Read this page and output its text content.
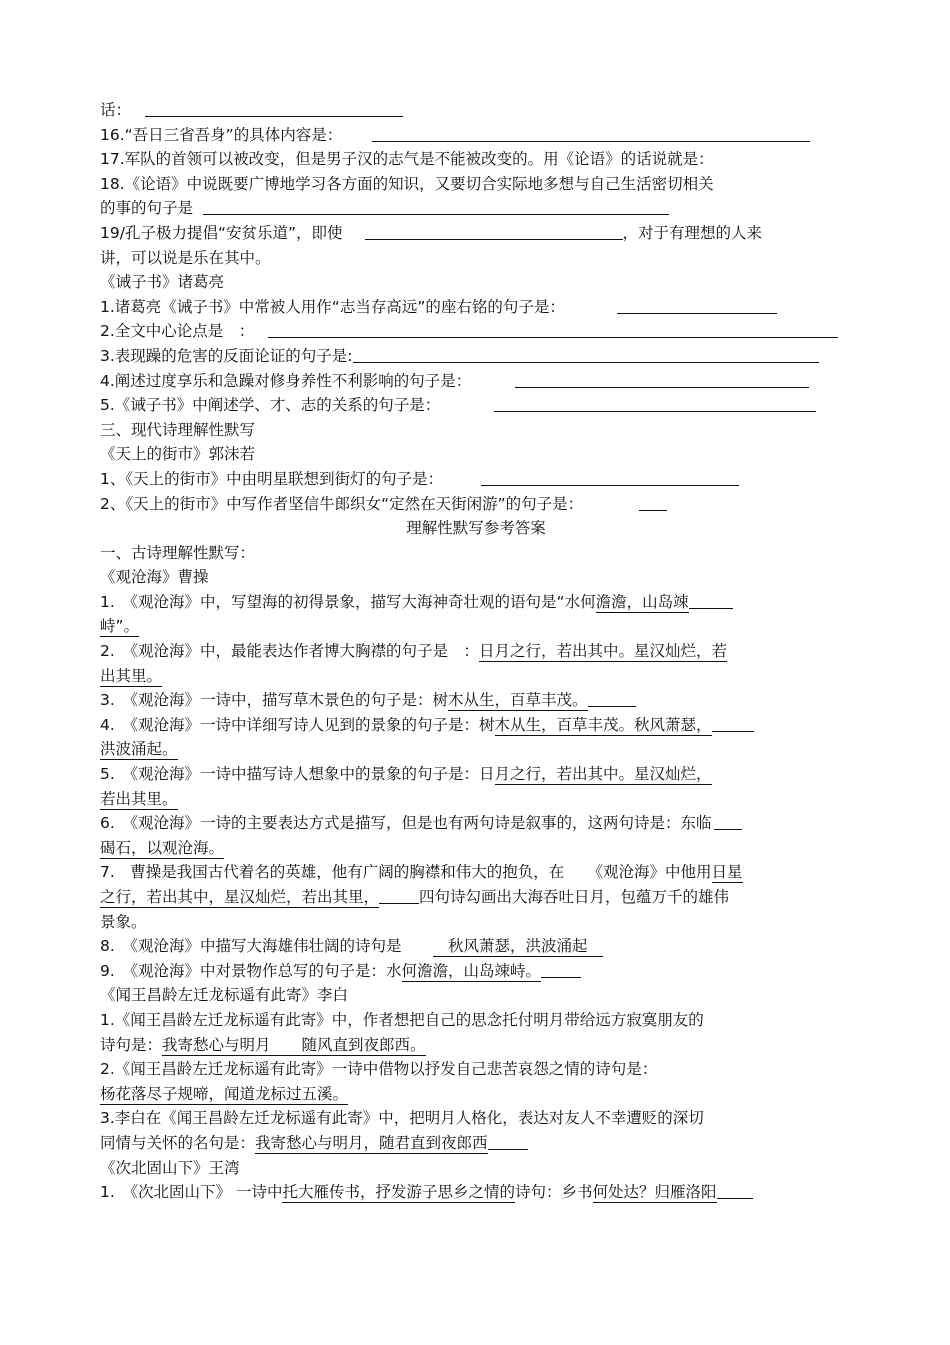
话：
16.“吾日三省吾身”的具体内容是：
17.军队的首领可以被改变，但是男子汉的志气是不能被改变的。用《论语》的话说就是：
18.《论语》中说既要广博地学习各方面的知识，又要切合实际地多想与自己生活密切相关
的事的句子是
19/孔子极力提倡“安贫乐道”，即使	，对于有理想的人来
讲，可以说是乐在其中。
《诫子书》诸葛亮
1.诸葛亮《诫子书》中常被人用作“志当存高远”的座右铭的句子是：
2.全文中心论点是　：
3.表现躁的危害的反面论证的句子是:
4.阐述过度享乐和急躁对修身养性不利影响的句子是：
5.《诫子书》中阐述学、才、志的关系的句子是：
三、现代诗理解性默写
《天上的街市》郭沫若
1、《天上的街市》中由明星联想到街灯的句子是：
2、《天上的街市》中写作者坚信牛郎织女“定然在天街闲游”的句子是：
理解性默写参考答案
一、古诗理解性默写：
《观沧海》曹操
1.　《观沧海》中，写望海的初得景象，描写大海神奇壮观的语句是“水何澹澹，山岛竦
峙”。
2.　《观沧海》中，最能表达作者博大胸襟的句子是　：日月之行，若出其中。星汉灿烂，若
出其里。
3.　《观沧海》一诗中，描写草木景色的句子是：树木从生，百草丰茂。
4.　《观沧海》一诗中详细写诗人见到的景象的句子是：树木从生，百草丰茂。秋风萧瑟，
洪波涌起。
5.　《观沧海》一诗中描写诗人想象中的景象的句子是：日月之行，若出其中。星汉灿烂，
若出其里。
6.　《观沧海》一诗的主要表达方式是描写，但是也有两句诗是叙事的，这两句诗是：东临
碣石，以观沧海。
7.　曹操是我国古代着名的英雄，他有广阔的胸襟和伟大的抱负，在　　《观沧海》中他用日星
之行，若出其中，星汉灿烂，若出其里，	四句诗勾画出大海吞吐日月，包蕴万千的雄伟
景象。
8.　《观沧海》中描写大海雄伟壮阔的诗句是　　　秋风萧瑟，洪波涌起　
9.　《观沧海》中对景物作总写的句子是：水何澹澹，山岛竦峙。
《闻王昌龄左迁龙标遥有此寄》李白
1.《闻王昌龄左迁龙标遥有此寄》中，作者想把自己的思念托付明月带给远方寂寞朋友的
诗句是：我寄愁心与明月　　随风直到夜郎西。
2.《闻王昌龄左迁龙标遥有此寄》一诗中借物以抒发自己悲苦哀怨之情的诗句是：
杨花落尽子规啼，闻道龙标过五溪。
3.李白在《闻王昌龄左迁龙标遥有此寄》中，把明月人格化，表达对友人不幸遭贬的深切
同情与关怀的名句是：我寄愁心与明月，随君直到夜郎西
《次北固山下》王湾
1.　《次北固山下》 一诗中托大雁传书，抒发游子思乡之情的诗句：乡书何处达？归雁洛阳
